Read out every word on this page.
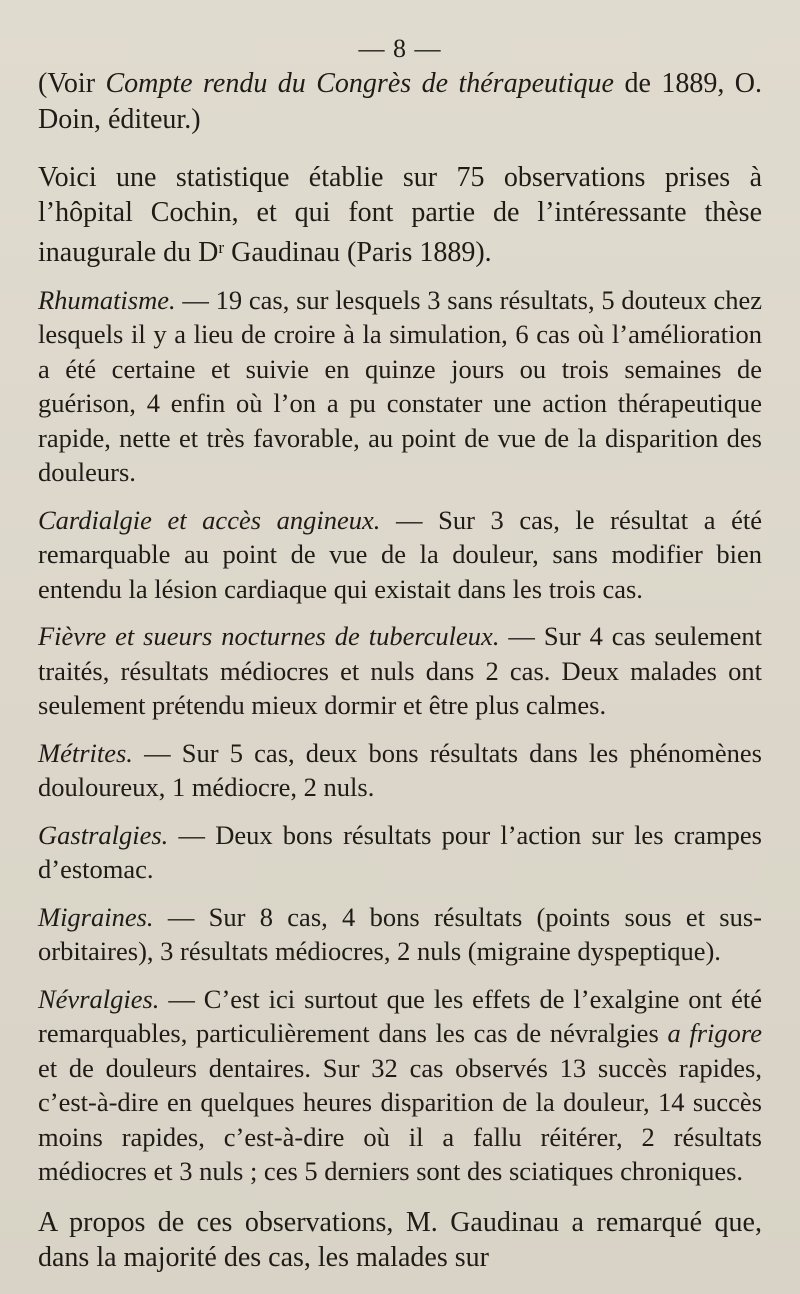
— 8 —

(Voir Compte rendu du Congrès de thérapeutique de 1889, O. Doin, éditeur.)

Voici une statistique établie sur 75 observations prises à l’hôpital Cochin, et qui font partie de l’intéressante thèse inaugurale du $D^r$ Gaudinau (Paris 1889).

Rhumatisme. — 19 cas, sur lesquels 3 sans résultats, 5 douteux chez lesquels il y a lieu de croire à la simulation, 6 cas où l’amélioration a été certaine et suivie en quinze jours ou trois semaines de guérison, 4 enfin où l’on a pu constater une action thérapeutique rapide, nette et très favorable, au point de vue de la disparition des douleurs.

Cardialgie et accès angineux. — Sur 3 cas, le résultat a été remarquable au point de vue de la douleur, sans modifier bien entendu la lésion cardiaque qui existait dans les trois cas.

Fièvre et sueurs nocturnes de tuberculeux. — Sur 4 cas seulement traités, résultats médiocres et nuls dans 2 cas. Deux malades ont seulement prétendu mieux dormir et être plus calmes.

Métrites. — Sur 5 cas, deux bons résultats dans les phénomènes douloureux, 1 médiocre, 2 nuls.

Gastralgies. — Deux bons résultats pour l’action sur les crampes d’estomac.

Migraines. — Sur 8 cas, 4 bons résultats (points sous et sus-orbitaires), 3 résultats médiocres, 2 nuls (migraine dyspeptique).

Névralgies. — C’est ici surtout que les effets de l’exalgine ont été remarquables, particulièrement dans les cas de névralgies a frigore et de douleurs dentaires. Sur 32 cas observés 13 succès rapides, c’est-à-dire en quelques heures disparition de la douleur, 14 succès moins rapides, c’est-à-dire où il a fallu réitérer, 2 résultats médiocres et 3 nuls ; ces 5 derniers sont des sciatiques chroniques.

A propos de ces observations, M. Gaudinau a remarqué que, dans la majorité des cas, les malades sur
